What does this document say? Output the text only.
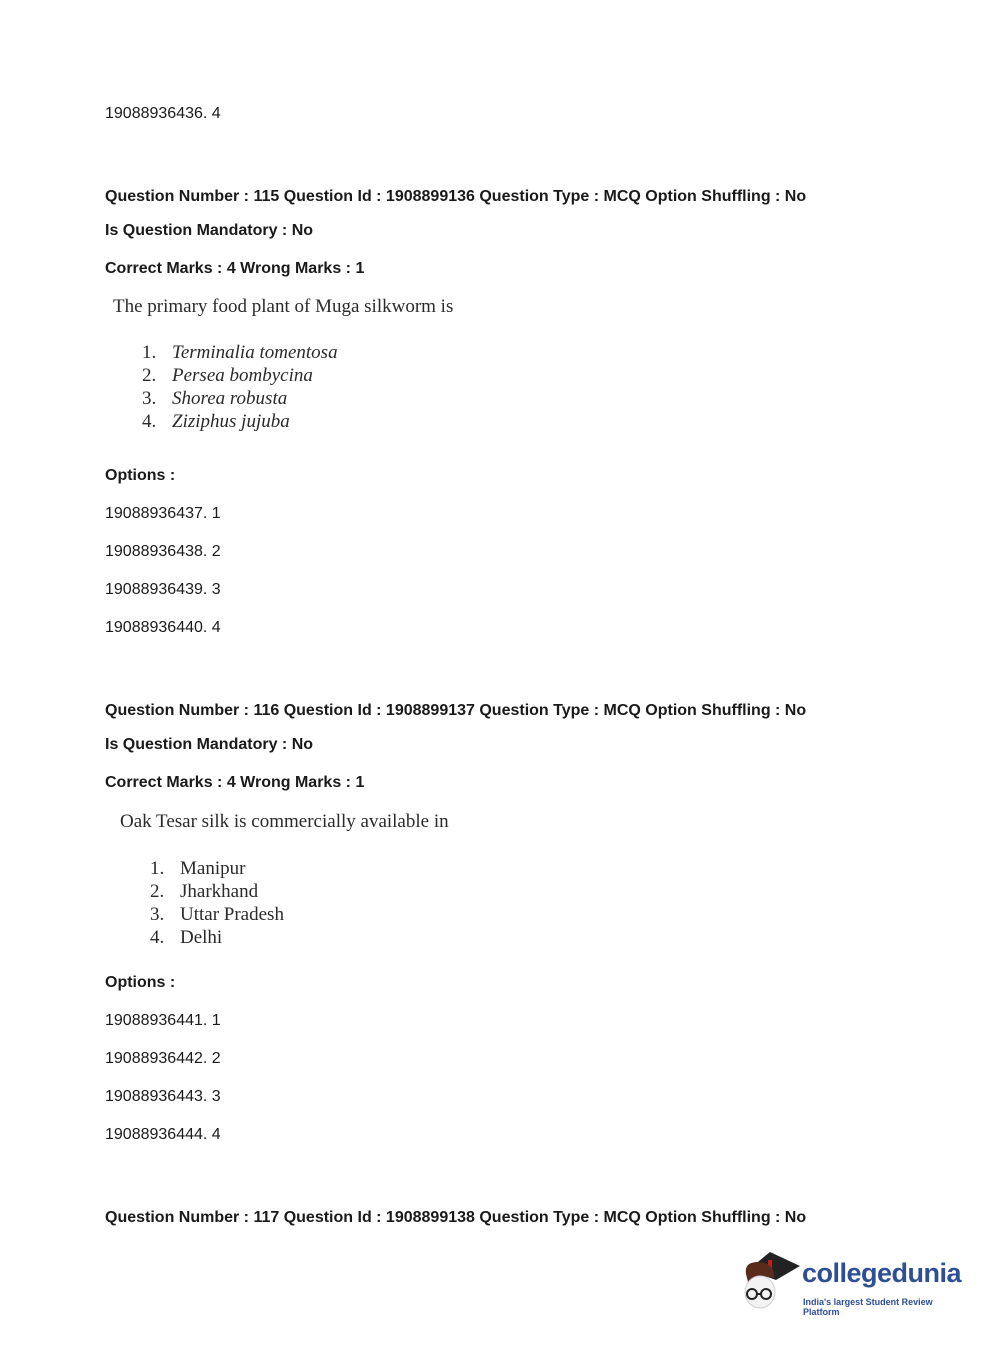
19088936436. 4
Question Number : 115 Question Id : 1908899136 Question Type : MCQ Option Shuffling : No
Is Question Mandatory : No
Correct Marks : 4 Wrong Marks : 1
The primary food plant of Muga silkworm is
1. Terminalia tomentosa
2. Persea bombycina
3. Shorea robusta
4. Ziziphus jujuba
Options :
19088936437. 1
19088936438. 2
19088936439. 3
19088936440. 4
Question Number : 116 Question Id : 1908899137 Question Type : MCQ Option Shuffling : No
Is Question Mandatory : No
Correct Marks : 4 Wrong Marks : 1
Oak Tesar silk is commercially available in
1. Manipur
2. Jharkhand
3. Uttar Pradesh
4. Delhi
Options :
19088936441. 1
19088936442. 2
19088936443. 3
19088936444. 4
Question Number : 117 Question Id : 1908899138 Question Type : MCQ Option Shuffling : No
collegedunia
India's largest Student Review Platform
